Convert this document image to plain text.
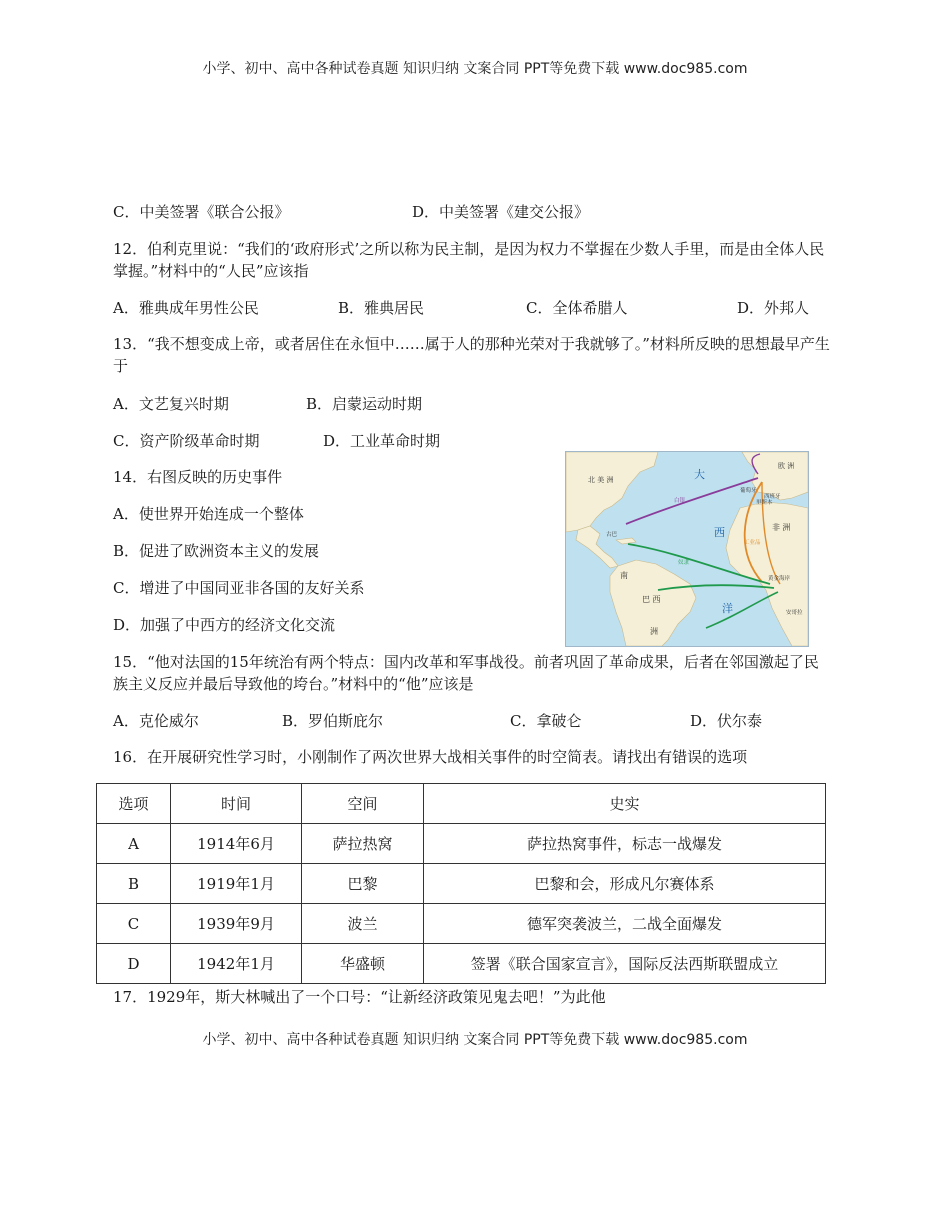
小学、初中、高中各种试卷真题 知识归纳 文案合同 PPT等免费下载 www.doc985.com
C．中美签署《联合公报》	D．中美签署《建交公报》
12．伯利克里说：“我们的‘政府形式’之所以称为民主制，是因为权力不掌握在少数人手里，而是由全体人民掌握。”材料中的“人民”应该指
A．雅典成年男性公民	B．雅典居民	C．全体希腊人	D．外邦人
13．“我不想变成上帝，或者居住在永恒中……属于人的那种光荣对于我就够了。”材料所反映的思想最早产生于
A．文艺复兴时期	B．启蒙运动时期
C．资产阶级革命时期	D．工业革命时期
14．右图反映的历史事件
A．使世界开始连成一个整体
B．促进了欧洲资本主义的发展
C．增进了中国同亚非各国的友好关系
D．加强了中西方的经济文化交流
北 美 洲
欧 洲
非 洲
南
巴 西
洲
大
西
洋
西班牙
葡萄牙
里斯本
古巴
黄金海岸
安哥拉
白银
工业品
奴隶
15．“他对法国的15年统治有两个特点：国内改革和军事战役。前者巩固了革命成果，后者在邻国激起了民族主义反应并最后导致他的垮台。”材料中的“他”应该是
A．克伦威尔	B．罗伯斯庇尔	C．拿破仑	D．伏尔泰
16．在开展研究性学习时，小刚制作了两次世界大战相关事件的时空简表。请找出有错误的选项
选项	时间	空间	史实
A	1914年6月	萨拉热窝	萨拉热窝事件，标志一战爆发
B	1919年1月	巴黎	巴黎和会，形成凡尔赛体系
C	1939年9月	波兰	德军突袭波兰，二战全面爆发
D	1942年1月	华盛顿	签署《联合国家宣言》，国际反法西斯联盟成立
17．1929年，斯大林喊出了一个口号：“让新经济政策见鬼去吧！”为此他
小学、初中、高中各种试卷真题 知识归纳 文案合同 PPT等免费下载 www.doc985.com
